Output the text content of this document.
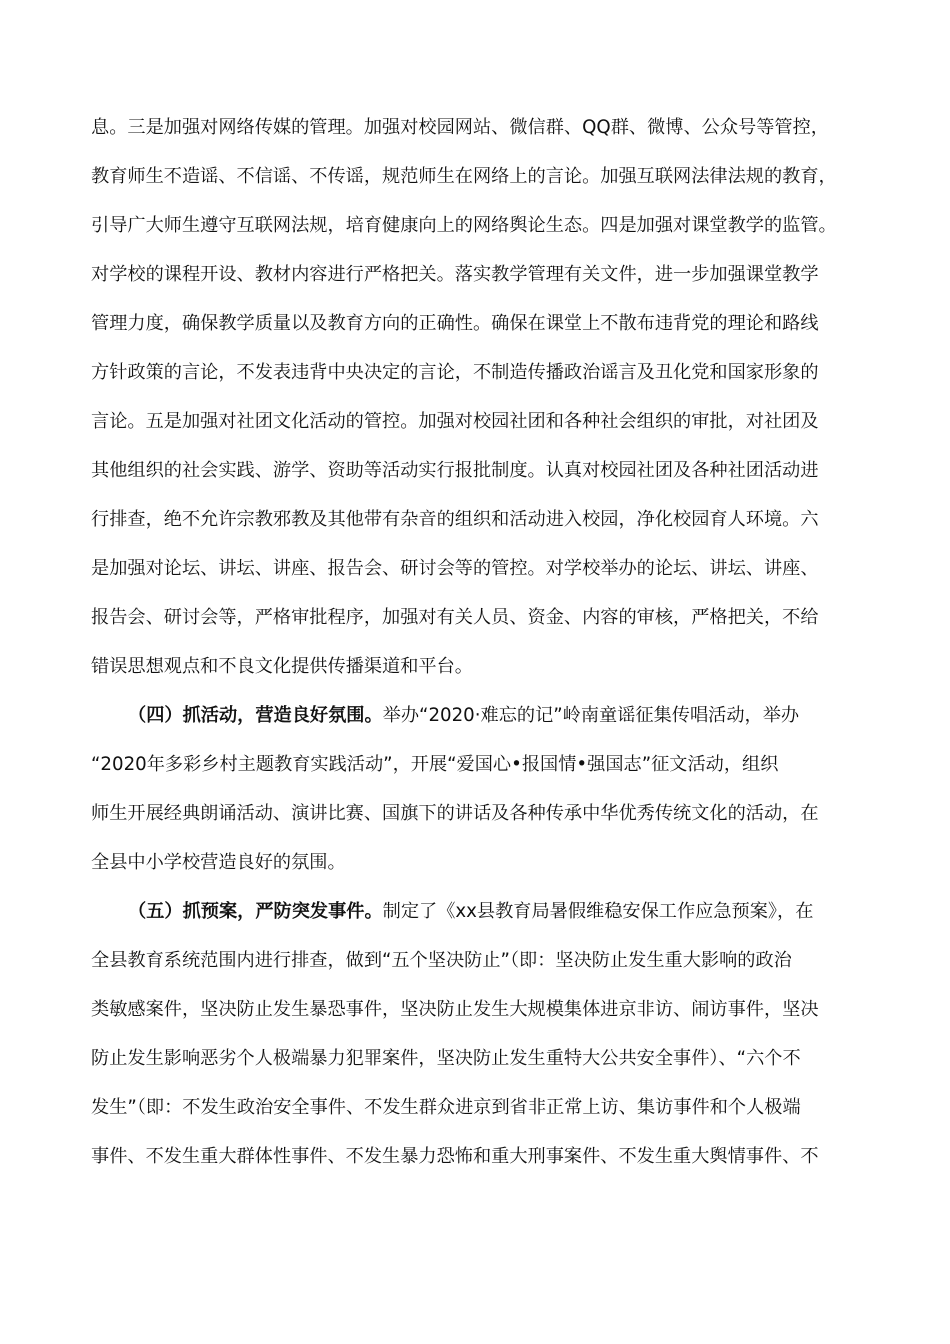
息。三是加强对网络传媒的管理。加强对校园网站、微信群、QQ群、微博、公众号等管控，
教育师生不造谣、不信谣、不传谣，规范师生在网络上的言论。加强互联网法律法规的教育，
引导广大师生遵守互联网法规，培育健康向上的网络舆论生态。四是加强对课堂教学的监管。
对学校的课程开设、教材内容进行严格把关。落实教学管理有关文件，进一步加强课堂教学
管理力度，确保教学质量以及教育方向的正确性。确保在课堂上不散布违背党的理论和路线
方针政策的言论，不发表违背中央决定的言论，不制造传播政治谣言及丑化党和国家形象的
言论。五是加强对社团文化活动的管控。加强对校园社团和各种社会组织的审批，对社团及
其他组织的社会实践、游学、资助等活动实行报批制度。认真对校园社团及各种社团活动进
行排查，绝不允许宗教邪教及其他带有杂音的组织和活动进入校园，净化校园育人环境。六
是加强对论坛、讲坛、讲座、报告会、研讨会等的管控。对学校举办的论坛、讲坛、讲座、
报告会、研讨会等，严格审批程序，加强对有关人员、资金、内容的审核，严格把关，不给
错误思想观点和不良文化提供传播渠道和平台。
（四）抓活动，营造良好氛围。举办“2020·难忘的记”岭南童谣征集传唱活动，举办
“2020年多彩乡村主题教育实践活动”，开展“爱国心•报国情•强国志”征文活动，组织
师生开展经典朗诵活动、演讲比赛、国旗下的讲话及各种传承中华优秀传统文化的活动，在
全县中小学校营造良好的氛围。
（五）抓预案，严防突发事件。制定了《xx县教育局暑假维稳安保工作应急预案》，在
全县教育系统范围内进行排查，做到“五个坚决防止”（即：坚决防止发生重大影响的政治
类敏感案件，坚决防止发生暴恐事件，坚决防止发生大规模集体进京非访、闹访事件，坚决
防止发生影响恶劣个人极端暴力犯罪案件，坚决防止发生重特大公共安全事件）、“六个不
发生”（即：不发生政治安全事件、不发生群众进京到省非正常上访、集访事件和个人极端
事件、不发生重大群体性事件、不发生暴力恐怖和重大刑事案件、不发生重大舆情事件、不
